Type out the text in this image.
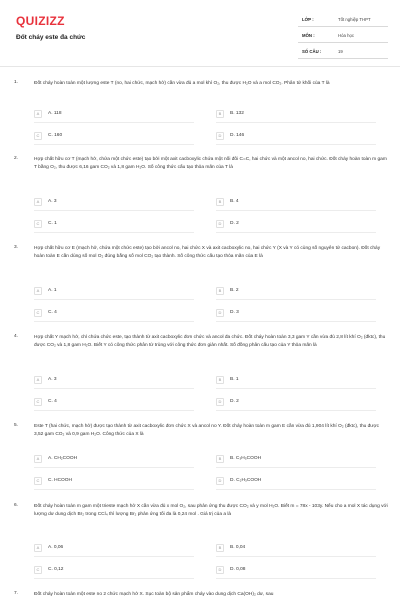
QUIZIZZ
Đốt cháy este đa chức
LỚP :	Tốt nghiệp THPT
MÔN :	Hóa học
SỐ CÂU :	19
1.	Đốt cháy hoàn toàn một lượng este T (no, hai chức, mạch hở) cần vừa đủ a mol khí O₂, thu được H₂O và a mol CO₂. Phân tử khối của T là
A	A. 118	B	B. 132
C	C. 160	D	D. 146
2.	Hợp chất hữu cơ T (mạch hở, chứa một chức este) tạo bởi một axit cacboxylic chứa một nối đôi C=C, hai chức và một ancol no, hai chức. Đốt cháy hoàn toàn m gam T bằng O₂, thu được 6,16 gam CO₂ và 1,8 gam H₂O. Số công thức cấu tạo thỏa mãn của T là
A	A. 3	B	B. 4
C	C. 1	D	D. 2
3.	Hợp chất hữu cơ E (mạch hở, chứa một chức este) tạo bởi ancol no, hai chức X và axit cacboxylic no, hai chức Y (X và Y có cùng số nguyên tử cacbon). Đốt cháy hoàn toàn E cần dùng số mol O₂ đúng bằng số mol CO₂ tạo thành. Số công thức cấu tạo thỏa mãn của E là
A	A. 1	B	B. 2
C	C. 4	D	D. 3
4.	Hợp chất Y mạch hở, chỉ chứa chức este, tạo thành từ axit cacboxylic đơn chức và ancol đa chức. Đốt cháy hoàn toàn 3,3 gam Y cần vừa đủ 2,8 lít khí O₂ (đktc), thu được CO₂ và 1,8 gam H₂O. Biết Y có công thức phân tử trùng với công thức đơn giản nhất. Số đồng phân cấu tạo của Y thỏa mãn là
A	A. 3	B	B. 1
C	C. 4	D	D. 2
5.	Este T (hai chức, mạch hở) được tạo thành từ axit cacboxylic đơn chức X và ancol no Y. Đốt cháy hoàn toàn m gam E cần vừa đủ 1,904 lít khí O₂ (đktc), thu được 3,52 gam CO₂ và 0,9 gam H₂O. Công thức của X là
A	A. CH₂COOH	B	B. C₃H₅COOH
C	C. HCOOH	D	D. C₂H₃COOH
6.	Đốt cháy hoàn toàn m gam một trieste mạch hở X cần vừa đủ x mol O₂, sau phản ứng thu được CO₂ và y mol H₂O. Biết m = 78x - 103y. Nếu cho a mol X tác dụng với lượng dư dung dịch Br₂ trong CCl₄ thì lượng Br₂ phản ứng tối đa là 0,24 mol . Giá trị của a là
A	A. 0,06	B	B. 0,04
C	C. 0,12	D	D. 0,08
7.	Đốt cháy hoàn toàn một este no 2 chức mạch hở X. Sục toàn bộ sản phẩm cháy vào dung dịch Ca(OH)₂ dư, sau
